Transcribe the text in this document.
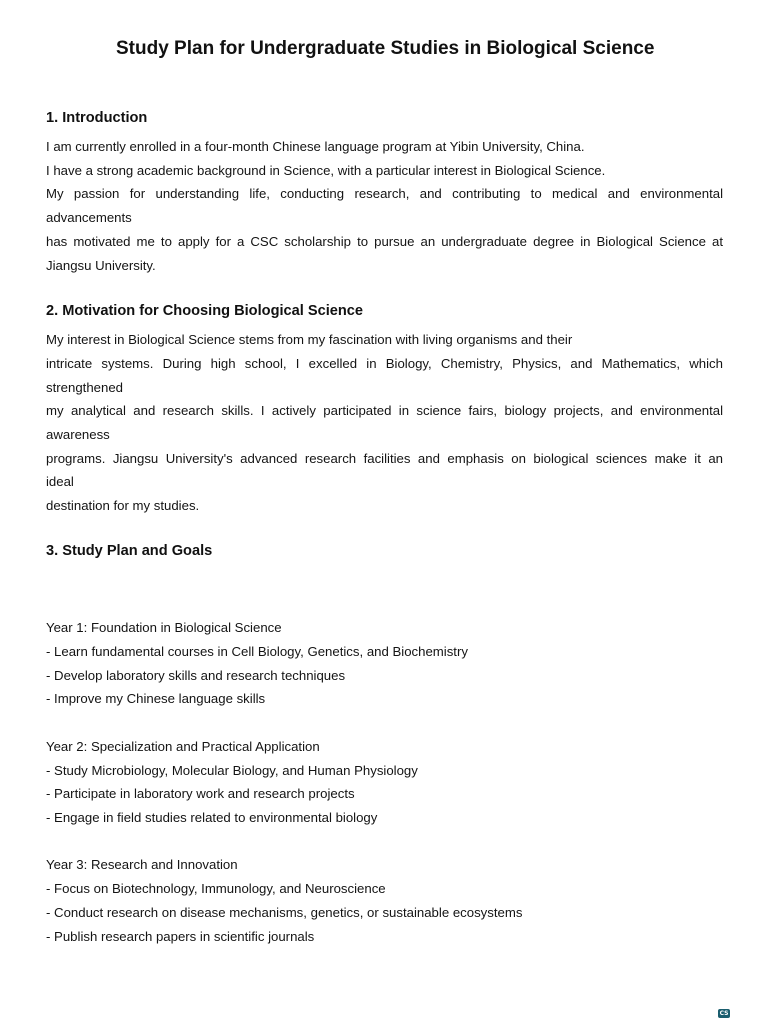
Study Plan for Undergraduate Studies in Biological Science
1. Introduction
I am currently enrolled in a four-month Chinese language program at Yibin University, China.
I have a strong academic background in Science, with a particular interest in Biological Science.
My passion for understanding life, conducting research, and contributing to medical and environmental
advancements
has motivated me to apply for a CSC scholarship to pursue an undergraduate degree in Biological Science at
Jiangsu University.
2. Motivation for Choosing Biological Science
My interest in Biological Science stems from my fascination with living organisms and their
intricate systems. During high school, I excelled in Biology, Chemistry, Physics, and Mathematics, which
strengthened
my analytical and research skills. I actively participated in science fairs, biology projects, and environmental
awareness
programs. Jiangsu University's advanced research facilities and emphasis on biological sciences make it an
ideal
destination for my studies.
3. Study Plan and Goals
Year 1: Foundation in Biological Science
- Learn fundamental courses in Cell Biology, Genetics, and Biochemistry
- Develop laboratory skills and research techniques
- Improve my Chinese language skills
Year 2: Specialization and Practical Application
- Study Microbiology, Molecular Biology, and Human Physiology
- Participate in laboratory work and research projects
- Engage in field studies related to environmental biology
Year 3: Research and Innovation
- Focus on Biotechnology, Immunology, and Neuroscience
- Conduct research on disease mechanisms, genetics, or sustainable ecosystems
- Publish research papers in scientific journals
CS
